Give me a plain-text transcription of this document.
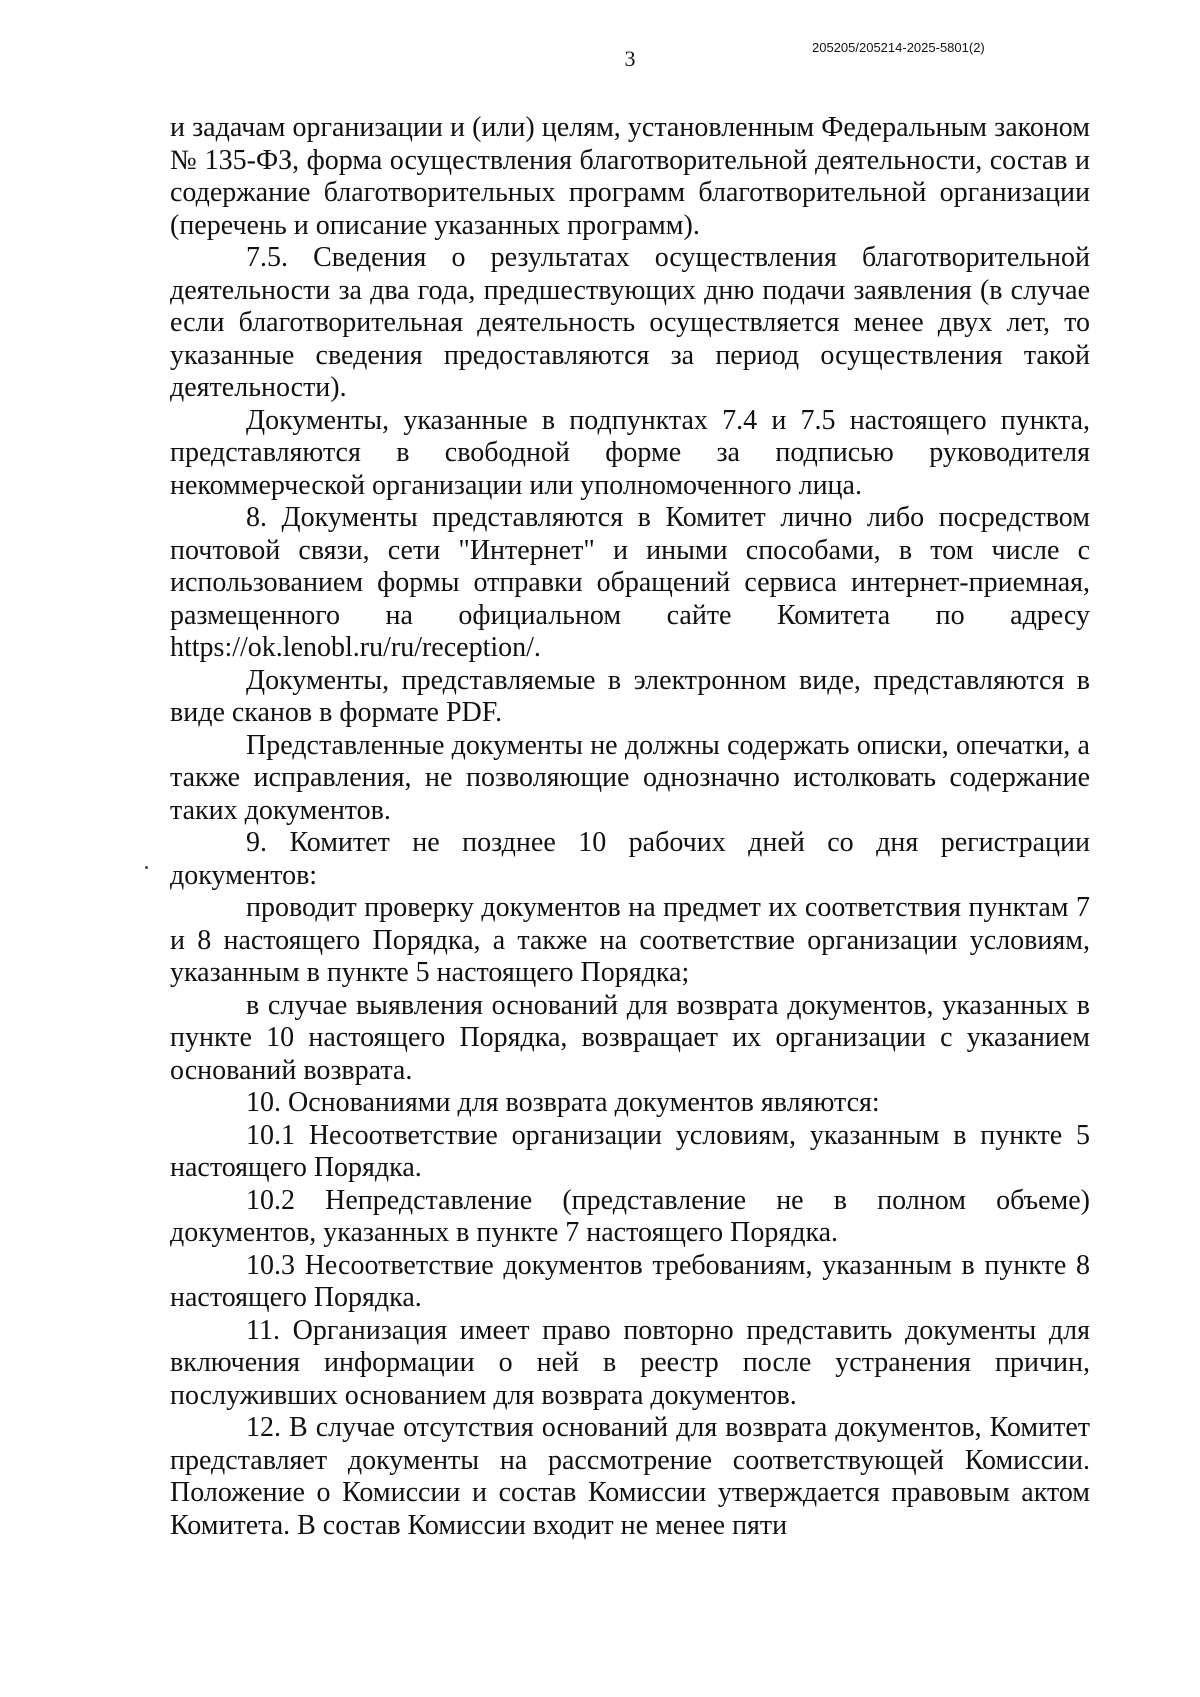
3	205205/205214-2025-5801(2)

и задачам организации и (или) целям, установленным Федеральным законом № 135-ФЗ, форма осуществления благотворительной деятельности, состав и содержание благотворительных программ благотворительной организации (перечень и описание указанных программ).

7.5. Сведения о результатах осуществления благотворительной деятельности за два года, предшествующих дню подачи заявления (в случае если благотворительная деятельность осуществляется менее двух лет, то указанные сведения предоставляются за период осуществления такой деятельности).

Документы, указанные в подпунктах 7.4 и 7.5 настоящего пункта, представляются в свободной форме за подписью руководителя некоммерческой организации или уполномоченного лица.

8. Документы представляются в Комитет лично либо посредством почтовой связи, сети "Интернет" и иными способами, в том числе с использованием формы отправки обращений сервиса интернет-приемная, размещенного на официальном сайте Комитета по адресу https://ok.lenobl.ru/ru/reception/.

Документы, представляемые в электронном виде, представляются в виде сканов в формате PDF.

Представленные документы не должны содержать описки, опечатки, а также исправления, не позволяющие однозначно истолковать содержание таких документов.

9. Комитет не позднее 10 рабочих дней со дня регистрации документов:

проводит проверку документов на предмет их соответствия пунктам 7 и 8 настоящего Порядка, а также на соответствие организации условиям, указанным в пункте 5 настоящего Порядка;

в случае выявления оснований для возврата документов, указанных в пункте 10 настоящего Порядка, возвращает их организации с указанием оснований возврата.

10. Основаниями для возврата документов являются:

10.1 Несоответствие организации условиям, указанным в пункте 5 настоящего Порядка.

10.2 Непредставление (представление не в полном объеме) документов, указанных в пункте 7 настоящего Порядка.

10.3 Несоответствие документов требованиям, указанным в пункте 8 настоящего Порядка.

11. Организация имеет право повторно представить документы для включения информации о ней в реестр после устранения причин, послуживших основанием для возврата документов.

12. В случае отсутствия оснований для возврата документов, Комитет представляет документы на рассмотрение соответствующей Комиссии. Положение о Комиссии и состав Комиссии утверждается правовым актом Комитета. В состав Комиссии входит не менее пяти
